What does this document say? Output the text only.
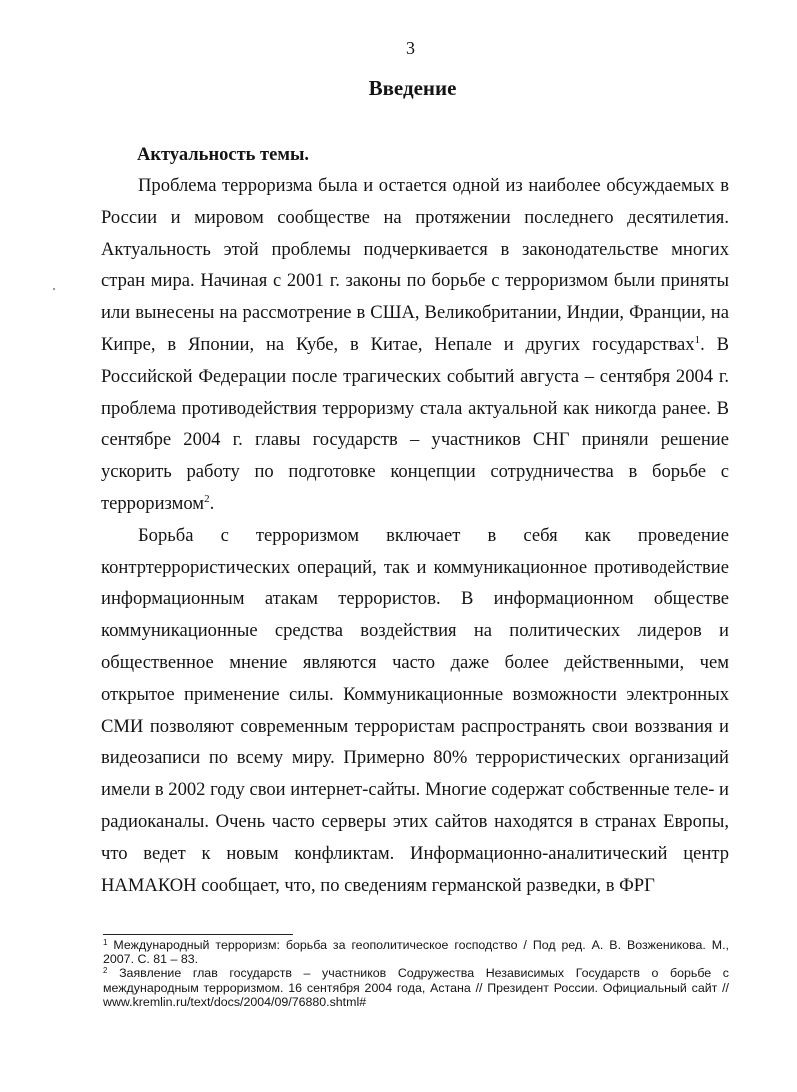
3
Введение
Актуальность темы.

Проблема терроризма была и остается одной из наиболее обсуждаемых в России и мировом сообществе на протяжении последнего десятилетия. Актуальность этой проблемы подчеркивается в законодательстве многих стран мира. Начиная с 2001 г. законы по борьбе с терроризмом были приняты или вынесены на рассмотрение в США, Великобритании, Индии, Франции, на Кипре, в Японии, на Кубе, в Китае, Непале и других государствах$^1$. В Российской Федерации после трагических событий августа – сентября 2004 г. проблема противодействия терроризму стала актуальной как никогда ранее. В сентябре 2004 г. главы государств – участников СНГ приняли решение ускорить работу по подготовке концепции сотрудничества в борьбе с терроризмом$^2$.

Борьба с терроризмом включает в себя как проведение контртеррористических операций, так и коммуникационное противодействие информационным атакам террористов. В информационном обществе коммуникационные средства воздействия на политических лидеров и общественное мнение являются часто даже более действенными, чем открытое применение силы. Коммуникационные возможности электронных СМИ позволяют современным террористам распространять свои воззвания и видеозаписи по всему миру. Примерно 80% террористических организаций имели в 2002 году свои интернет-сайты. Многие содержат собственные теле- и радиоканалы. Очень часто серверы этих сайтов находятся в странах Европы, что ведет к новым конфликтам. Информационно-аналитический центр НАМАКОН сообщает, что, по сведениям германской разведки, в ФРГ

$^1$ Международный терроризм: борьба за геополитическое господство / Под ред. А. В. Возженикова. М., 2007. С. 81 – 83.

$^2$ Заявление глав государств – участников Содружества Независимых Государств о борьбе с международным терроризмом. 16 сентября 2004 года, Астана // Президент России. Официальный сайт // www.kremlin.ru/text/docs/2004/09/76880.shtml#
